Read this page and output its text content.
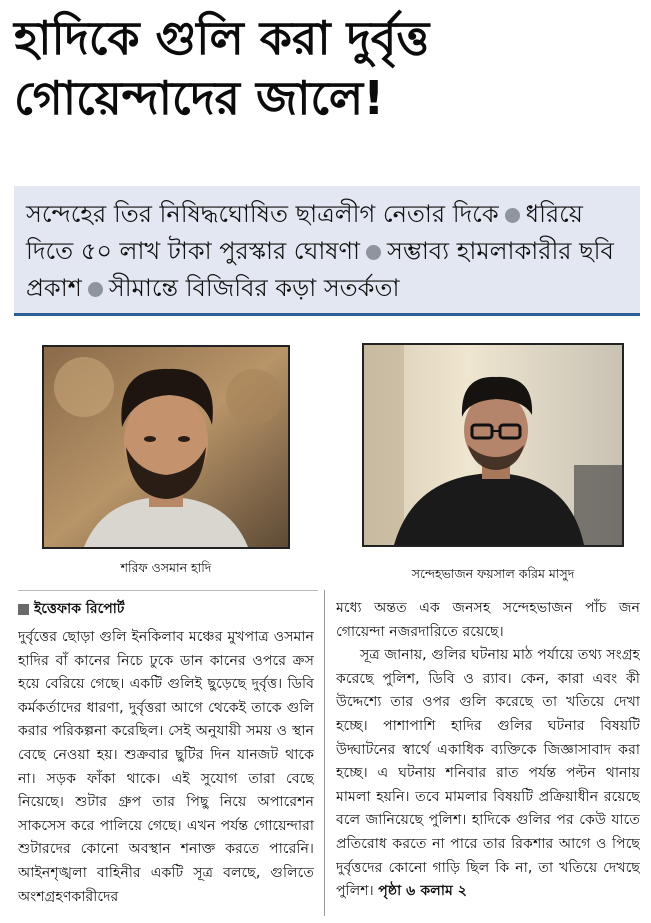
হাদিকে গুলি করা দুর্বৃত্ত
গোয়েন্দাদের জালে!

সন্দেহের তির নিষিদ্ধঘোষিত ছাত্রলীগ নেতার দিকে ধরিয়ে দিতে ৫০ লাখ টাকা পুরস্কার ঘোষণা সম্ভাব্য হামলাকারীর ছবি প্রকাশ সীমান্তে বিজিবির কড়া সতর্কতা

শরিফ ওসমান হাদি	সন্দেহভাজন ফয়সাল করিম মাসুদ
ইত্তেফাক রিপোর্ট

দুর্বৃত্তের ছোড়া গুলি ইনকিলাব মঞ্চের মুখপাত্র ওসমান হাদির বাঁ কানের নিচে ঢুকে ডান কানের ওপরে ক্রস হয়ে বেরিয়ে গেছে। একটি গুলিই ছুড়েছে দুর্বৃত্ত। ডিবি কর্মকর্তাদের ধারণা, দুর্বৃত্তরা আগে থেকেই তাকে গুলি করার পরিকল্পনা করেছিল। সেই অনুযায়ী সময় ও স্থান বেছে নেওয়া হয়। শুক্রবার ছুটির দিন যানজট থাকে না। সড়ক ফাঁকা থাকে। এই সুযোগ তারা বেছে নিয়েছে। শুটার গ্রুপ তার পিছু নিয়ে অপারেশন সাকসেস করে পালিয়ে গেছে। এখন পর্যন্ত গোয়েন্দারা শুটারদের কোনো অবস্থান শনাক্ত করতে পারেনি। আইনশৃঙ্খলা বাহিনীর একটি সূত্র বলছে, গুলিতে অংশগ্রহণকারীদের

মধ্যে অন্তত এক জনসহ সন্দেহভাজন পাঁচ জন গোয়েন্দা নজরদারিতে রয়েছে।

সূত্র জানায়, গুলির ঘটনায় মাঠ পর্যায়ে তথ্য সংগ্রহ করেছে পুলিশ, ডিবি ও র‌্যাব। কেন, কারা এবং কী উদ্দেশ্যে তার ওপর গুলি করেছে তা খতিয়ে দেখা হচ্ছে। পাশাপাশি হাদির গুলির ঘটনার বিষয়টি উদ্ঘাটনের স্বার্থে একাধিক ব্যক্তিকে জিজ্ঞাসাবাদ করা হচ্ছে। এ ঘটনায় শনিবার রাত পর্যন্ত পল্টন থানায় মামলা হয়নি। তবে মামলার বিষয়টি প্রক্রিয়াধীন রয়েছে বলে জানিয়েছে পুলিশ। হাদিকে গুলির পর কেউ যাতে প্রতিরোধ করতে না পারে তার রিকশার আগে ও পিছে দুর্বৃত্তদের কোনো গাড়ি ছিল কি না, তা খতিয়ে দেখছে পুলিশ। পৃষ্ঠা ৬ কলাম ২
